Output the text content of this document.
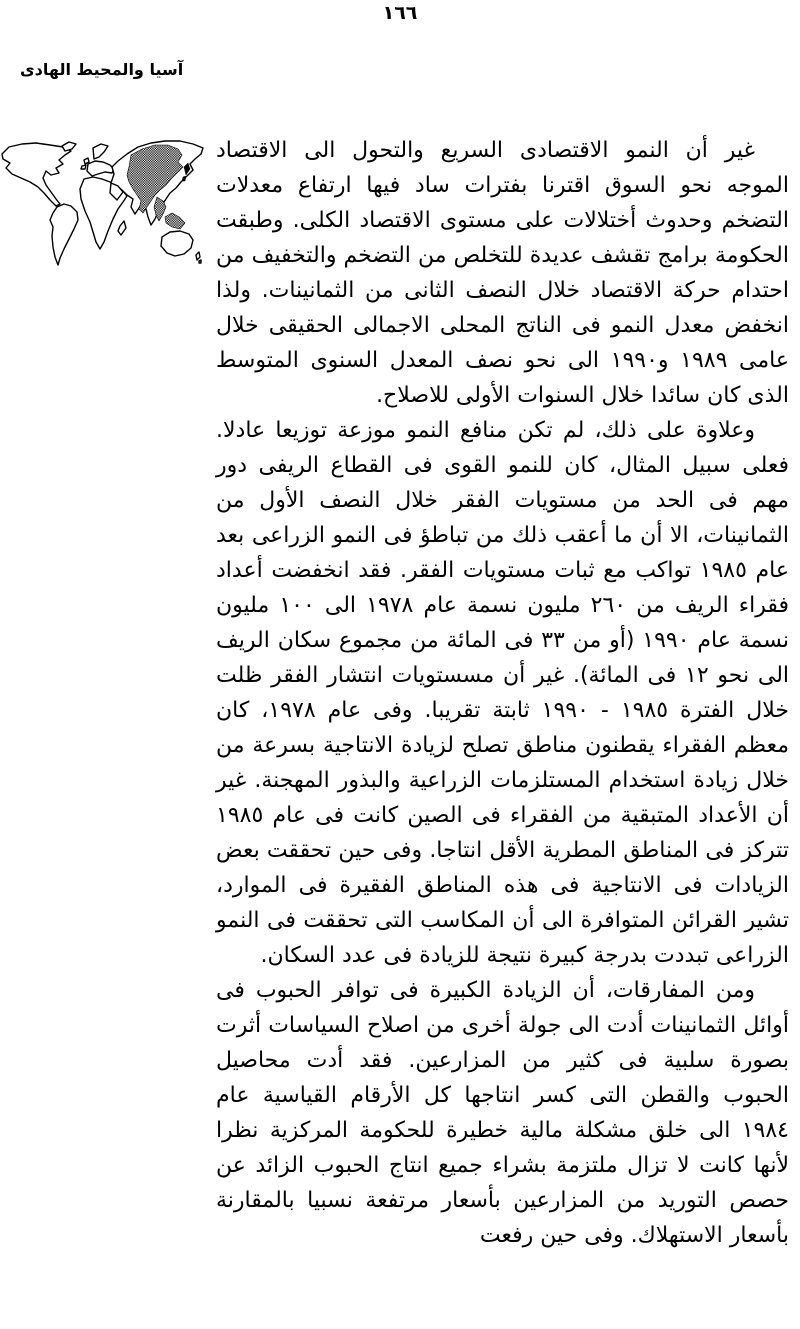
١٦٦
آسيا والمحيط الهادى

غير أن النمو الاقتصادى السريع والتحول الى الاقتصاد الموجه نحو السوق اقترنا بفترات ساد فيها ارتفاع معدلات التضخم وحدوث أختلالات على مستوى الاقتصاد الكلى. وطبقت الحكومة برامج تقشف عديدة للتخلص من التضخم والتخفيف من احتدام حركة الاقتصاد خلال النصف الثانى من الثمانينات. ولذا انخفض معدل النمو فى الناتج المحلى الاجمالى الحقيقى خلال عامى ١٩٨٩ و١٩٩٠ الى نحو نصف المعدل السنوى المتوسط الذى كان سائدا خلال السنوات الأولى للاصلاح.

وعلاوة على ذلك، لم تكن منافع النمو موزعة توزيعا عادلا. فعلى سبيل المثال، كان للنمو القوى فى القطاع الريفى دور مهم فى الحد من مستويات الفقر خلال النصف الأول من الثمانينات، الا أن ما أعقب ذلك من تباطؤ فى النمو الزراعى بعد عام ١٩٨٥ تواكب مع ثبات مستويات الفقر. فقد انخفضت أعداد فقراء الريف من ٢٦٠ مليون نسمة عام ١٩٧٨ الى ١٠٠ مليون نسمة عام ١٩٩٠ (أو من ٣٣ فى المائة من مجموع سكان الريف الى نحو ١٢ فى المائة). غير أن مسستويات انتشار الفقر ظلت خلال الفترة ١٩٨٥ - ١٩٩٠ ثابتة تقريبا. وفى عام ١٩٧٨، كان معظم الفقراء يقطنون مناطق تصلح لزيادة الانتاجية بسرعة من خلال زيادة استخدام المستلزمات الزراعية والبذور المهجنة. غير أن الأعداد المتبقية من الفقراء فى الصين كانت فى عام ١٩٨٥ تتركز فى المناطق المطرية الأقل انتاجا. وفى حين تحققت بعض الزيادات فى الانتاجية فى هذه المناطق الفقيرة فى الموارد، تشير القرائن المتوافرة الى أن المكاسب التى تحققت فى النمو الزراعى تبددت بدرجة كبيرة نتيجة للزيادة فى عدد السكان.

ومن المفارقات، أن الزيادة الكبيرة فى توافر الحبوب فى أوائل الثمانينات أدت الى جولة أخرى من اصلاح السياسات أثرت بصورة سلبية فى كثير من المزارعين. فقد أدت محاصيل الحبوب والقطن التى كسر انتاجها كل الأرقام القياسية عام ١٩٨٤ الى خلق مشكلة مالية خطيرة للحكومة المركزية نظرا لأنها كانت لا تزال ملتزمة بشراء جميع انتاج الحبوب الزائد عن حصص التوريد من المزارعين بأسعار مرتفعة نسبيا بالمقارنة بأسعار الاستهلاك. وفى حين رفعت
